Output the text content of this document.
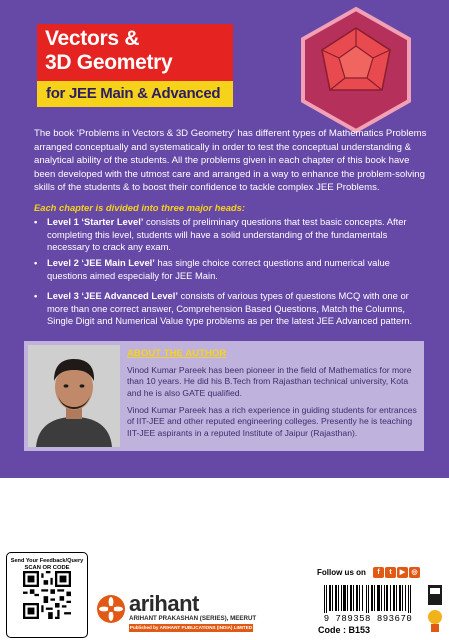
Vectors &
3D Geometry
for JEE Main & Advanced

The book ‘Problems in Vectors & 3D Geometry’ has different types of Mathematics Problems arranged conceptually and systematically in order to test the conceptual understanding & analytical ability of the students. All the problems given in each chapter of this book have been developed with the utmost care and arranged in a way to enhance the problem-solving skills of the students & to boost their confidence to tackle complex JEE Problems.

Each chapter is divided into three major heads:

• Level 1 ‘Starter Level’ consists of preliminary questions that test basic concepts. After completing this level, students will have a solid understanding of the fundamentals necessary to crack any exam.
• Level 2 ‘JEE Main Level’ has single choice correct questions and numerical value questions aimed especially for JEE Main.
• Level 3 ‘JEE Advanced Level’ consists of various types of questions MCQ with one or more than one correct answer, Comprehension Based Questions, Match the Columns, Single Digit and Numerical Value type problems as per the latest JEE Advanced pattern.

ABOUT THE AUTHOR

Vinod Kumar Pareek has been pioneer in the field of Mathematics for more than 10 years. He did his B.Tech from Rajasthan technical university, Kota and he is also GATE qualified.

Vinod Kumar Pareek has a rich experience in guiding students for entrances of IIT-JEE and other reputed engineering colleges. Presently he is teaching IIT-JEE aspirants in a reputed Institute of Jaipur (Rajasthan).

Send Your Feedback/Query
SCAN OR CODE
arihant
ARIHANT PRAKASHAN (SERIES), MEERUT
Published by ARIHANT PUBLICATIONS (INDIA) LIMITED
Follow us on	f	t	▶ ◎
9 789358 893670
Code : B153
